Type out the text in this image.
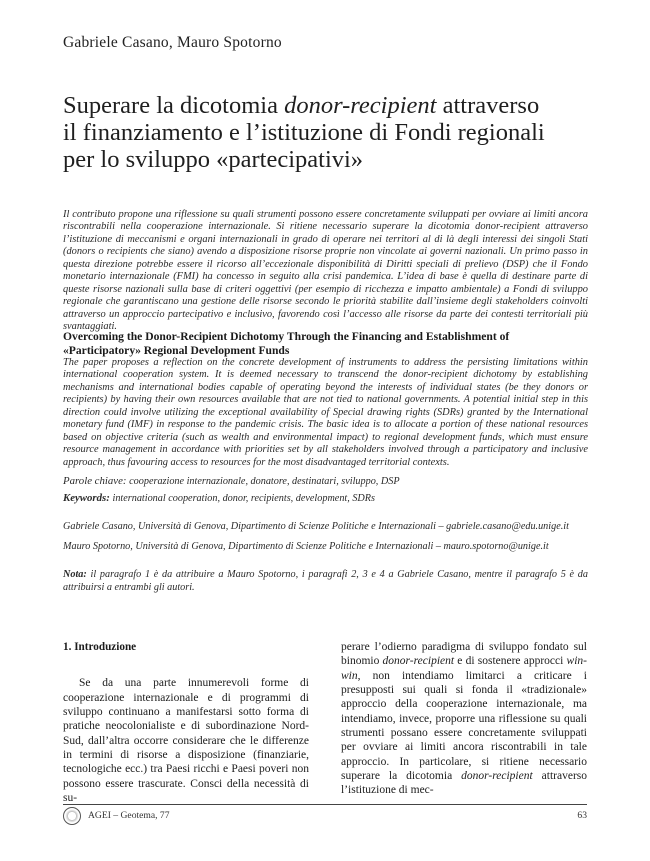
Gabriele Casano, Mauro Spotorno
Superare la dicotomia donor-recipient attraverso
il finanziamento e l’istituzione di Fondi regionali
per lo sviluppo «partecipativi»
Il contributo propone una riflessione su quali strumenti possono essere concretamente sviluppati per ovviare ai limiti ancora riscontrabili nella cooperazione internazionale. Si ritiene necessario superare la dicotomia donor-recipient attraverso l’istituzione di meccanismi e organi internazionali in grado di operare nei territori al di là degli interessi dei singoli Stati (donors o recipients che siano) avendo a disposizione risorse proprie non vincolate ai governi nazionali. Un primo passo in questa direzione potrebbe essere il ricorso all’eccezionale disponibilità di Diritti speciali di prelievo (DSP) che il Fondo monetario internazionale (FMI) ha concesso in seguito alla crisi pandemica. L’idea di base è quella di destinare parte di queste risorse nazionali sulla base di criteri oggettivi (per esempio di ricchezza e impatto ambientale) a Fondi di sviluppo regionale che garantiscano una gestione delle risorse secondo le priorità stabilite dall’insieme degli stakeholders coinvolti attraverso un approccio partecipativo e inclusivo, favorendo così l’accesso alle risorse da parte dei contesti territoriali più svantaggiati.
Overcoming the Donor-Recipient Dichotomy Through the Financing and Establishment of «Participatory» Regional Development Funds
The paper proposes a reflection on the concrete development of instruments to address the persisting limitations within international cooperation system. It is deemed necessary to transcend the donor-recipient dichotomy by establishing mechanisms and international bodies capable of operating beyond the interests of individual states (be they donors or recipients) by having their own resources available that are not tied to national governments. A potential initial step in this direction could involve utilizing the exceptional availability of Special drawing rights (SDRs) granted by the International monetary fund (IMF) in response to the pandemic crisis. The basic idea is to allocate a portion of these national resources based on objective criteria (such as wealth and environmental impact) to regional development funds, which must ensure resource management in accordance with priorities set by all stakeholders involved through a participatory and inclusive approach, thus favouring access to resources for the most disadvantaged territorial contexts.
Parole chiave: cooperazione internazionale, donatore, destinatari, sviluppo, DSP
Keywords: international cooperation, donor, recipients, development, SDRs
Gabriele Casano, Università di Genova, Dipartimento di Scienze Politiche e Internazionali – gabriele.casano@edu.unige.it
Mauro Spotorno, Università di Genova, Dipartimento di Scienze Politiche e Internazionali – mauro.spotorno@unige.it
Nota: il paragrafo 1 è da attribuire a Mauro Spotorno, i paragrafi 2, 3 e 4 a Gabriele Casano, mentre il paragrafo 5 è da attribuirsi a entrambi gli autori.
1. Introduzione
Se da una parte innumerevoli forme di cooperazione internazionale e di programmi di sviluppo continuano a manifestarsi sotto forma di pratiche neocolonialiste e di subordinazione Nord-Sud, dall’altra occorre considerare che le differenze in termini di risorse a disposizione (finanziarie, tecnologiche ecc.) tra Paesi ricchi e Paesi poveri non possono essere trascurate. Consci della necessità di su-
perare l’odierno paradigma di sviluppo fondato sul binomio donor-recipient e di sostenere approcci win-win, non intendiamo limitarci a criticare i presupposti sui quali si fonda il «tradizionale» approccio della cooperazione internazionale, ma intendiamo, invece, proporre una riflessione su quali strumenti possano essere concretamente sviluppati per ovviare ai limiti ancora riscontrabili in tale approccio. In particolare, si ritiene necessario superare la dicotomia donor-recipient attraverso l’istituzione di mec-
AGEI – Geotema, 77	63
